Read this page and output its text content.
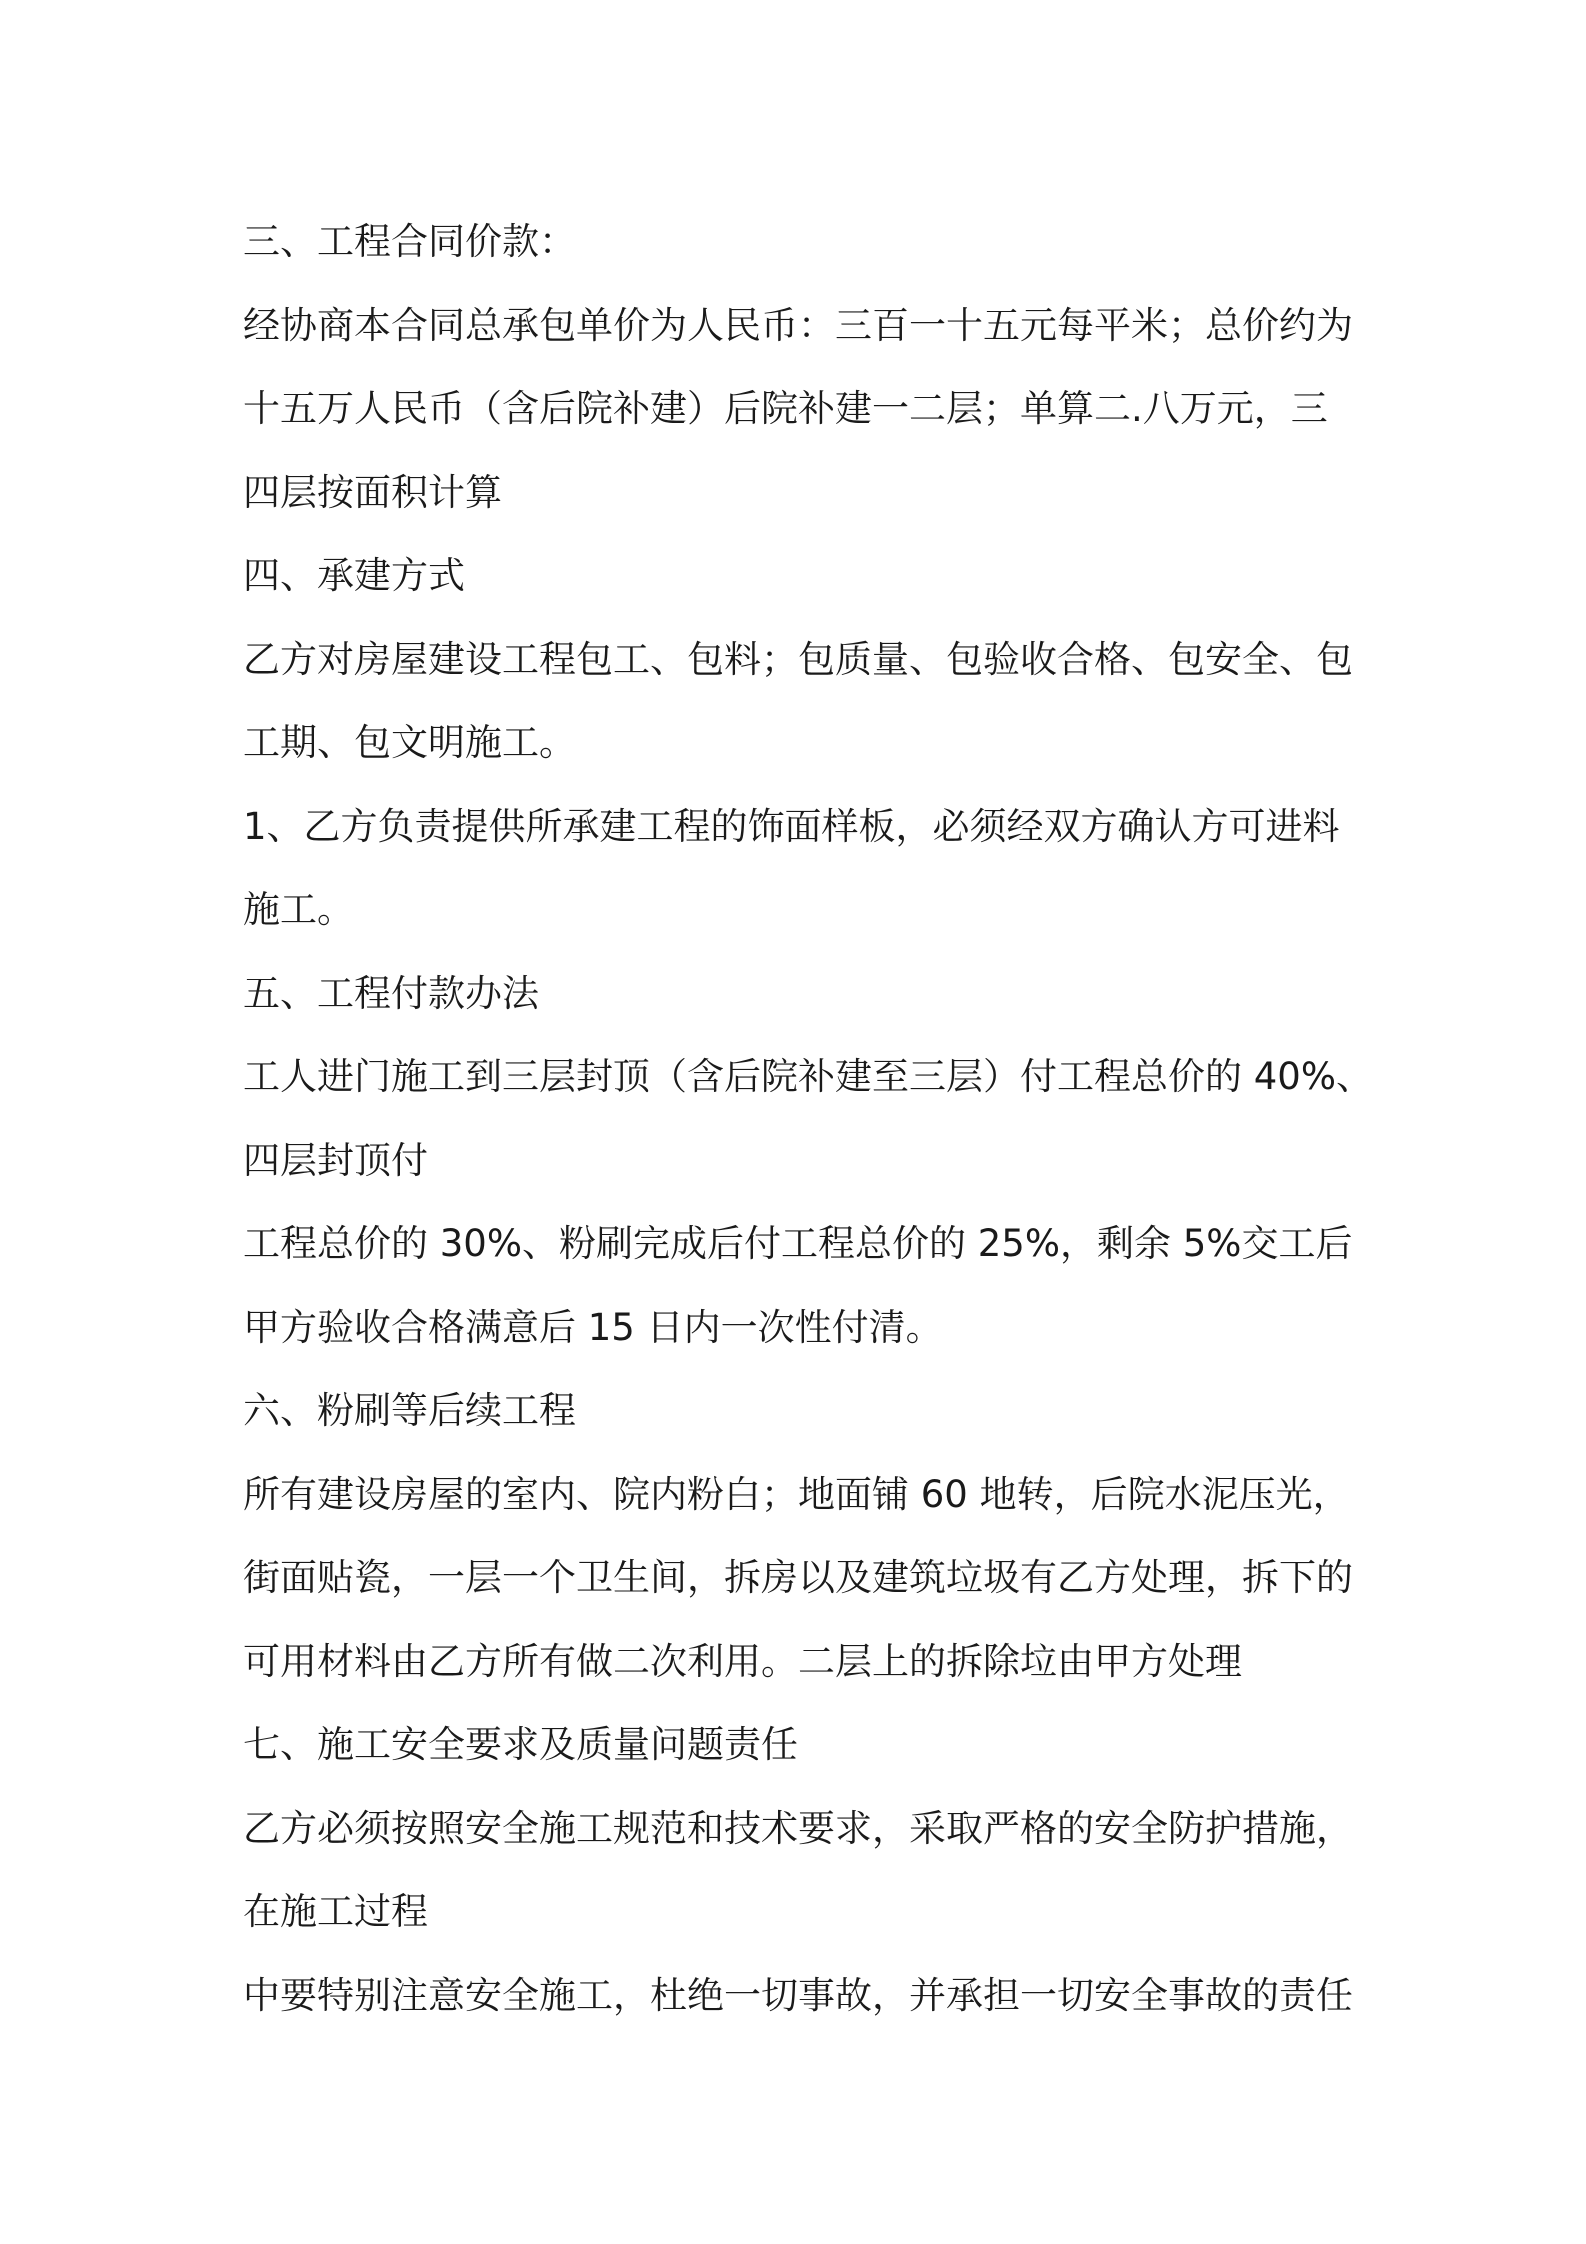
三、工程合同价款：
经协商本合同总承包单价为人民币：三百一十五元每平米；总价约为
十五万人民币（含后院补建）后院补建一二层；单算二.八万元，三
四层按面积计算
四、承建方式
乙方对房屋建设工程包工、包料；包质量、包验收合格、包安全、包
工期、包文明施工。
1、乙方负责提供所承建工程的饰面样板，必须经双方确认方可进料
施工。
五、工程付款办法
工人进门施工到三层封顶（含后院补建至三层）付工程总价的 40%、
四层封顶付
工程总价的 30%、粉刷完成后付工程总价的 25%，剩余 5%交工后
甲方验收合格满意后 15 日内一次性付清。
六、粉刷等后续工程
所有建设房屋的室内、院内粉白；地面铺 60 地转，后院水泥压光，
街面贴瓷，一层一个卫生间，拆房以及建筑垃圾有乙方处理，拆下的
可用材料由乙方所有做二次利用。二层上的拆除垃由甲方处理
七、施工安全要求及质量问题责任
乙方必须按照安全施工规范和技术要求，采取严格的安全防护措施，
在施工过程
中要特别注意安全施工，杜绝一切事故，并承担一切安全事故的责任
